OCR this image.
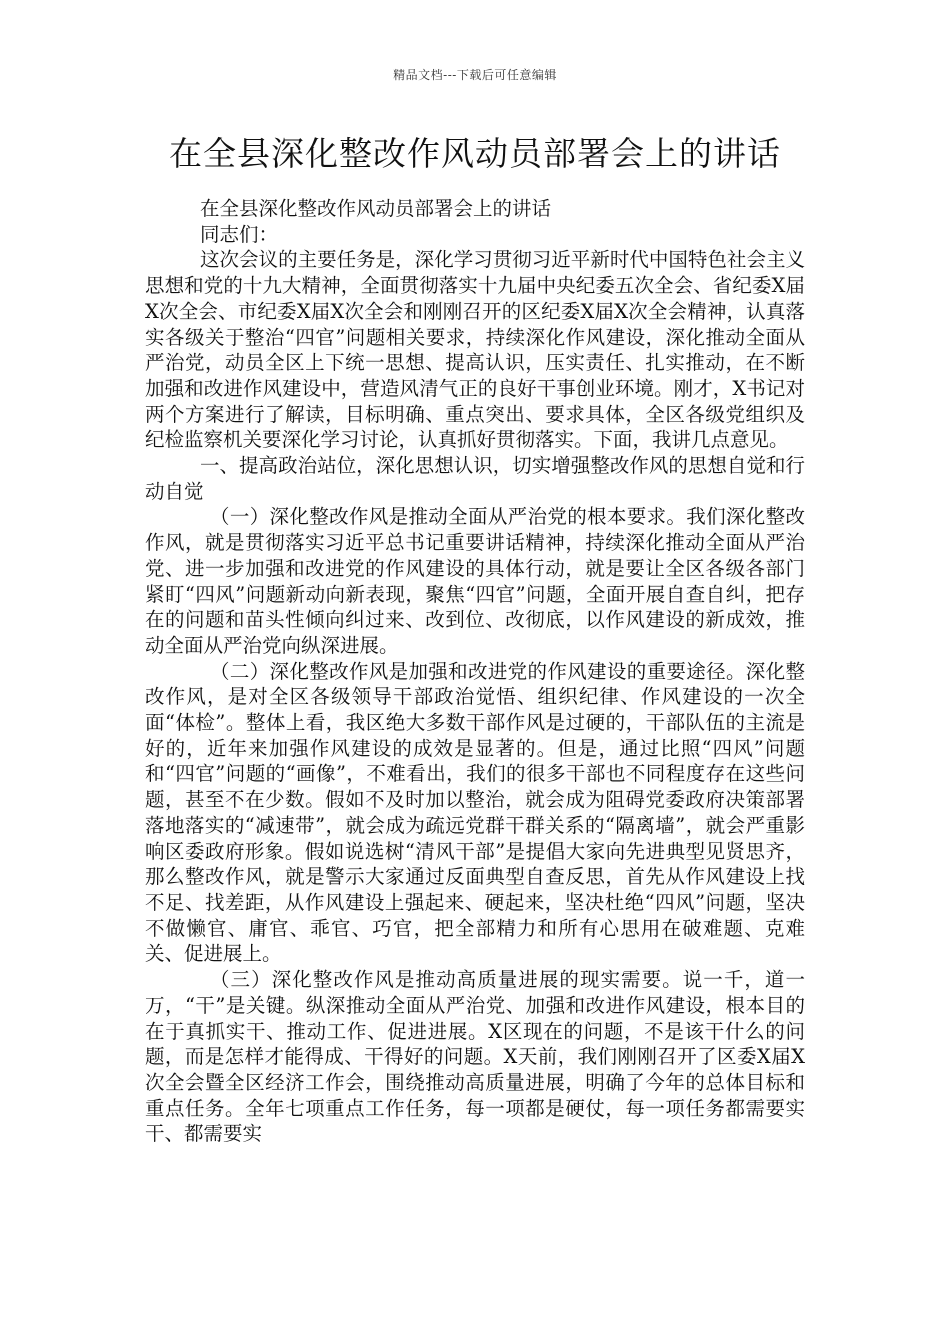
精品文档---下载后可任意编辑
在全县深化整改作风动员部署会上的讲话

在全县深化整改作风动员部署会上的讲话

同志们：

这次会议的主要任务是，深化学习贯彻习近平新时代中国特色社会主义思想和党的十九大精神，全面贯彻落实十九届中央纪委五次全会、省纪委X届X次全会、市纪委X届X次全会和刚刚召开的区纪委X届X次全会精神，认真落实各级关于整治“四官”问题相关要求，持续深化作风建设，深化推动全面从严治党，动员全区上下统一思想、提高认识，压实责任、扎实推动，在不断加强和改进作风建设中，营造风清气正的良好干事创业环境。刚才，X书记对两个方案进行了解读，目标明确、重点突出、要求具体，全区各级党组织及纪检监察机关要深化学习讨论，认真抓好贯彻落实。下面，我讲几点意见。

一、提高政治站位，深化思想认识，切实增强整改作风的思想自觉和行动自觉

（一）深化整改作风是推动全面从严治党的根本要求。我们深化整改作风，就是贯彻落实习近平总书记重要讲话精神，持续深化推动全面从严治党、进一步加强和改进党的作风建设的具体行动，就是要让全区各级各部门紧盯“四风”问题新动向新表现，聚焦“四官”问题，全面开展自查自纠，把存在的问题和苗头性倾向纠过来、改到位、改彻底，以作风建设的新成效，推动全面从严治党向纵深进展。

（二）深化整改作风是加强和改进党的作风建设的重要途径。深化整改作风，是对全区各级领导干部政治觉悟、组织纪律、作风建设的一次全面“体检”。整体上看，我区绝大多数干部作风是过硬的，干部队伍的主流是好的，近年来加强作风建设的成效是显著的。但是，通过比照“四风”问题和“四官”问题的“画像”，不难看出，我们的很多干部也不同程度存在这些问题，甚至不在少数。假如不及时加以整治，就会成为阻碍党委政府决策部署落地落实的“减速带”，就会成为疏远党群干群关系的“隔离墙”，就会严重影响区委政府形象。假如说选树“清风干部”是提倡大家向先进典型见贤思齐，那么整改作风，就是警示大家通过反面典型自查反思，首先从作风建设上找不足、找差距，从作风建设上强起来、硬起来，坚决杜绝“四风”问题，坚决不做懒官、庸官、乖官、巧官，把全部精力和所有心思用在破难题、克难关、促进展上。

（三）深化整改作风是推动高质量进展的现实需要。说一千，道一万，“干”是关键。纵深推动全面从严治党、加强和改进作风建设，根本目的在于真抓实干、推动工作、促进进展。X区现在的问题，不是该干什么的问题，而是怎样才能得成、干得好的问题。X天前，我们刚刚召开了区委X届X次全会暨全区经济工作会，围绕推动高质量进展，明确了今年的总体目标和重点任务。全年七项重点工作任务，每一项都是硬仗，每一项任务都需要实干、都需要实
